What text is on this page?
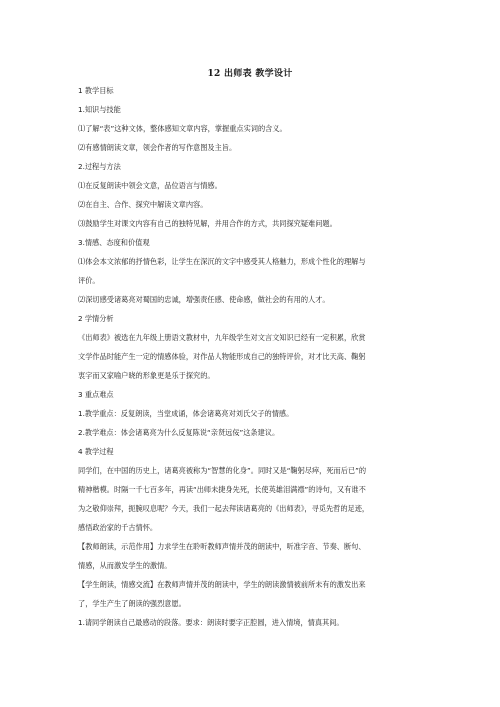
12 出师表 教学设计
1 教学目标
1.知识与技能
⑴了解“表”这种文体，整体感知文章内容，掌握重点实词的含义。
⑵有感情朗读文章，领会作者的写作意图及主旨。
2.过程与方法
⑴在反复朗读中领会文意，品位语言与情感。
⑵在自主、合作、探究中解读文章内容。
⑶鼓励学生对课文内容有自己的独特见解，并用合作的方式，共同探究疑难问题。
3.情感、态度和价值观
⑴体会本文浓郁的抒情色彩，让学生在深沉的文字中感受其人格魅力，形成个性化的理解与
评价。
⑵深切感受诸葛亮对蜀国的忠诚，增强责任感、使命感，做社会的有用的人才。
2 学情分析
《出师表》被选在九年级上册语文教材中，九年级学生对文言文知识已经有一定积累，欣赏
文学作品时能产生一定的情感体验，对作品人物能形成自己的独特评价，对才比天高、鞠躬
衷字而又家喻户晓的形象更是乐于探究的。
3 重点难点
1.教学重点：反复朗读，当堂成诵，体会诸葛亮对刘氏父子的情感。
2.教学难点：体会诸葛亮为什么反复陈说“亲贤远佞”这条建议。
4 教学过程
同学们，在中国的历史上，诸葛亮被称为“智慧的化身”。同时又是“鞠躬尽瘁，死而后已”的
精神楷模。时隔一千七百多年，再读“出师未捷身先死，长使英雄泪满襟”的诗句，又有谁不
为之敬仰崇拜，扼腕叹息呢？今天，我们一起去拜读诸葛亮的《出师表》，寻觅先哲的足迹，
感悟政治家的千古情怀。
【教师朗读，示范作用】力求学生在聆听教师声情并茂的朗读中，听准字音、节奏、断句、
情感，从而激发学生的激情。
【学生朗读，情感交流】在教师声情并茂的朗读中，学生的朗读激情被前所未有的激发出来
了，学生产生了朗读的强烈意愿。
1.请同学朗读自己最感动的段落。要求：朗读时要字正腔圆，进入情境，情真其间。
